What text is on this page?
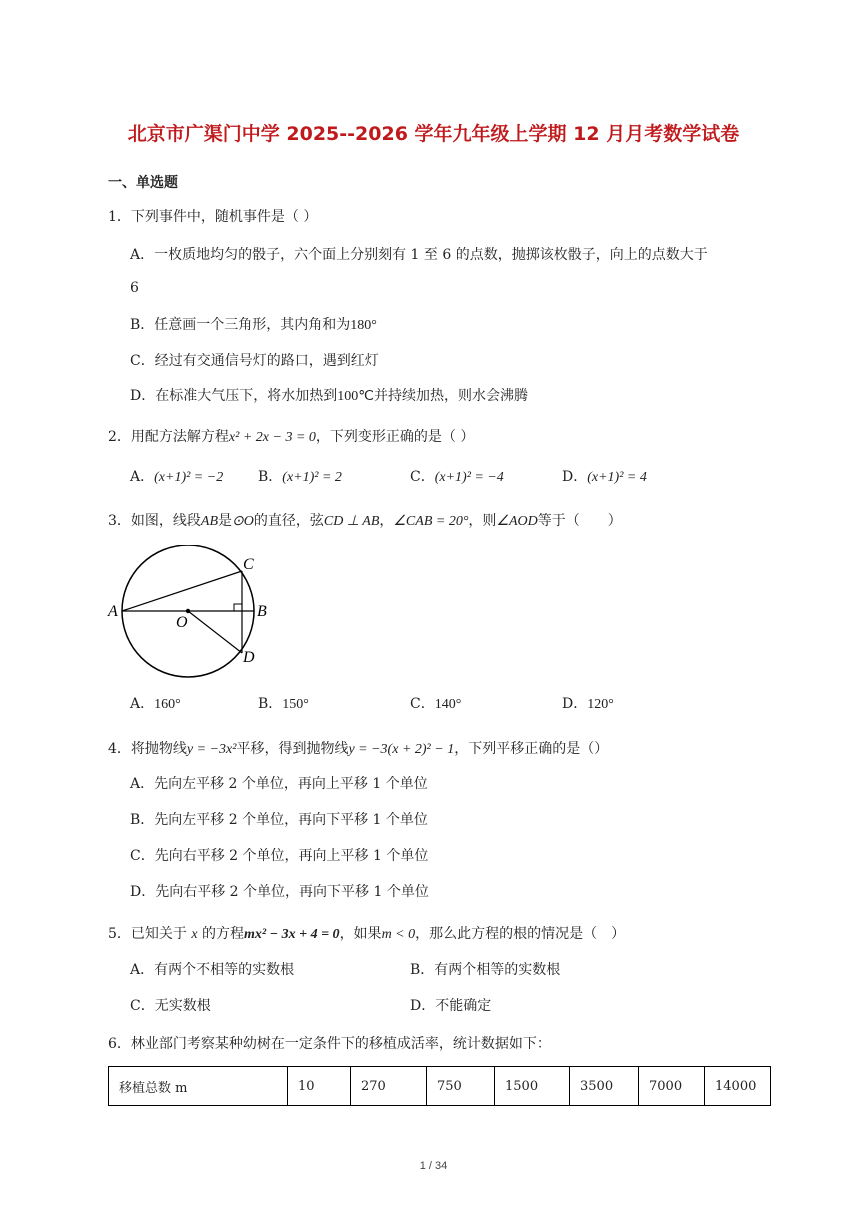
北京市广渠门中学 2025--2026 学年九年级上学期 12 月月考数学试卷
一、单选题
1．下列事件中，随机事件是（ ）
A．一枚质地均匀的骰子，六个面上分别刻有 1 至 6 的点数，抛掷该枚骰子，向上的点数大于
6
B．任意画一个三角形，其内角和为180°
C．经过有交通信号灯的路口，遇到红灯
D．在标准大气压下，将水加热到100℃并持续加热，则水会沸腾
2．用配方法解方程x² + 2x − 3 = 0，下列变形正确的是（ ）
A．(x+1)² = −2 B．(x+1)² = 2	C．(x+1)² = −4	D．(x+1)² = 4
3．如图，线段AB是⊙O的直径，弦CD ⊥ AB，∠CAB = 20°，则∠AOD等于（　　）
A	B
C
D
O
A．160°	B．150°	C．140°	D．120°
4．将抛物线y = −3x²平移，得到抛物线y = −3(x + 2)² − 1，下列平移正确的是（）
A．先向左平移 2 个单位，再向上平移 1 个单位
B．先向左平移 2 个单位，再向下平移 1 个单位
C．先向右平移 2 个单位，再向上平移 1 个单位
D．先向右平移 2 个单位，再向下平移 1 个单位
5．已知关于 x 的方程mx² − 3x + 4 = 0，如果m < 0，那么此方程的根的情况是（　）
A．有两个不相等的实数根	B．有两个相等的实数根
C．无实数根	D．不能确定
6．林业部门考察某种幼树在一定条件下的移植成活率，统计数据如下：
移植总数 m	10	270	750	1500	3500	7000	14000
1 / 34
